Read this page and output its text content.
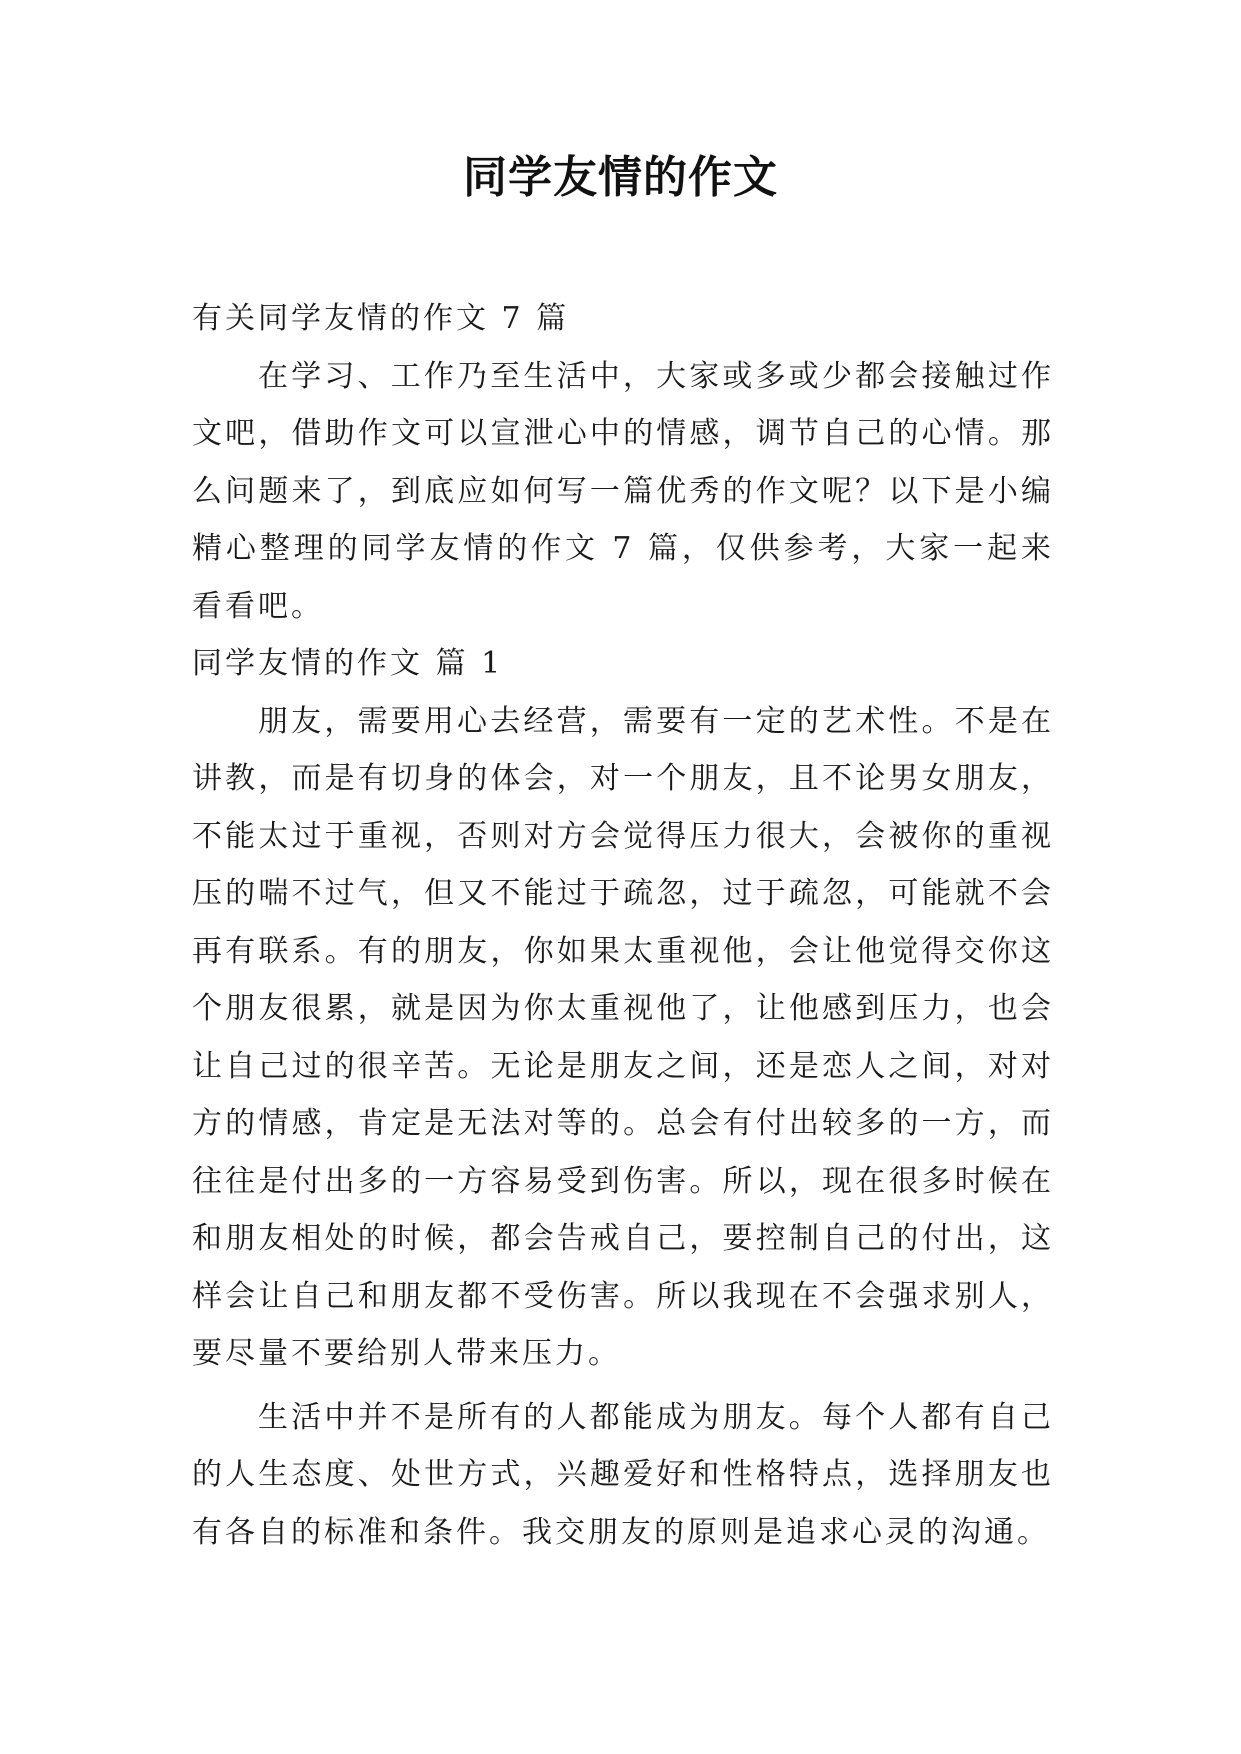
同学友情的作文

有关同学友情的作文 7 篇

在学习、工作乃至生活中，大家或多或少都会接触过作文吧，借助作文可以宣泄心中的情感，调节自己的心情。那么问题来了，到底应如何写一篇优秀的作文呢？以下是小编精心整理的同学友情的作文 7 篇，仅供参考，大家一起来看看吧。

同学友情的作文 篇 1

朋友，需要用心去经营，需要有一定的艺术性。不是在讲教，而是有切身的体会，对一个朋友，且不论男女朋友，不能太过于重视，否则对方会觉得压力很大，会被你的重视压的喘不过气，但又不能过于疏忽，过于疏忽，可能就不会再有联系。有的朋友，你如果太重视他，会让他觉得交你这个朋友很累，就是因为你太重视他了，让他感到压力，也会让自己过的很辛苦。无论是朋友之间，还是恋人之间，对对方的情感，肯定是无法对等的。总会有付出较多的一方，而往往是付出多的一方容易受到伤害。所以，现在很多时候在和朋友相处的时候，都会告戒自己，要控制自己的付出，这样会让自己和朋友都不受伤害。所以我现在不会强求别人，要尽量不要给别人带来压力。

生活中并不是所有的人都能成为朋友。每个人都有自己的人生态度、处世方式，兴趣爱好和性格特点，选择朋友也有各自的标准和条件。我交朋友的原则是追求心灵的沟通。
